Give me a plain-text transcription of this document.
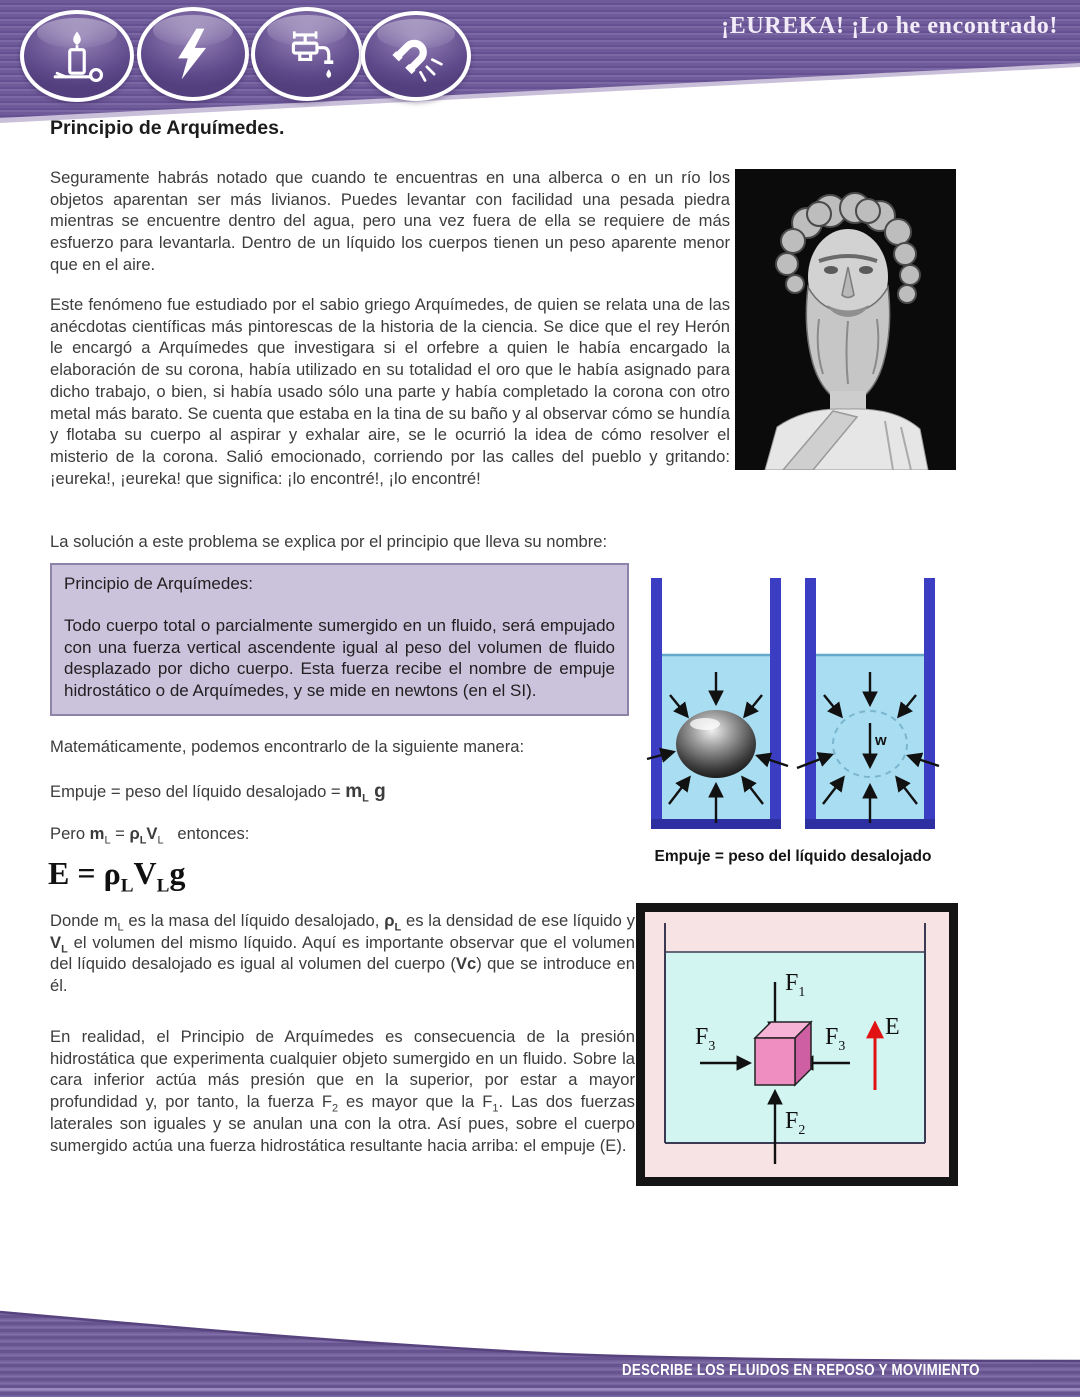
¡EUREKA! ¡Lo he encontrado!
Principio de Arquímedes.
Seguramente habrás notado que cuando te encuentras en una alberca o en un río los objetos aparentan ser más livianos. Puedes levantar con facilidad una pesada piedra mientras se encuentre dentro del agua, pero una vez fuera de ella se requiere de más esfuerzo para levantarla. Dentro de un líquido los cuerpos tienen un peso aparente menor que en el aire.
Este fenómeno fue estudiado por el sabio griego Arquímedes, de quien se relata una de las anécdotas científicas más pintorescas de la historia de la ciencia. Se dice que el rey Herón le encargó a Arquímedes que investigara si el orfebre a quien le había encargado la elaboración de su corona, había utilizado en su totalidad el oro que le había asignado para dicho trabajo, o bien, si había usado sólo una parte y había completado la corona con otro metal más barato. Se cuenta que estaba en la tina de su baño y al observar cómo se hundía y flotaba su cuerpo al aspirar y exhalar aire, se le ocurrió la idea de cómo resolver el misterio de la corona. Salió emocionado, corriendo por las calles del pueblo y gritando: ¡eureka!, ¡eureka! que significa: ¡lo encontré!, ¡lo encontré!
La solución a este problema se explica por el principio que lleva su nombre:
Principio de Arquímedes:
Todo cuerpo total o parcialmente sumergido en un fluido, será empujado con una fuerza vertical ascendente igual al peso del volumen de fluido desplazado por dicho cuerpo. Esta fuerza recibe el nombre de empuje hidrostático o de Arquímedes, y se mide en newtons (en el SI).
Matemáticamente, podemos encontrarlo de la siguiente manera:
Empuje = peso del líquido desalojado = $m_L$ g
Pero $m_L = \rho_LV_L$   entonces:
$E = \rho_LV_Lg$
Donde $m_L$ es la masa del líquido desalojado, $\rho_L$ es la densidad de ese líquido y $V_L$ el volumen del mismo líquido. Aquí es importante observar que el volumen del líquido desalojado es igual al volumen del cuerpo (Vc) que se introduce en él.
En realidad, el Principio de Arquímedes es consecuencia de la presión hidrostática que experimenta cualquier objeto sumergido en un fluido. Sobre la cara inferior actúa más presión que en la superior, por estar a mayor profundidad y, por tanto, la fuerza $F_2$ es mayor que la $F_1$. Las dos fuerzas laterales son iguales y se anulan una con la otra. Así pues, sobre el cuerpo sumergido actúa una fuerza hidrostática resultante hacia arriba: el empuje (E).
w
Empuje = peso del líquido desalojado
$F_1$
$F_2$
$F_3$	$F_3$
E
DESCRIBE LOS FLUIDOS EN REPOSO Y MOVIMIENTO
